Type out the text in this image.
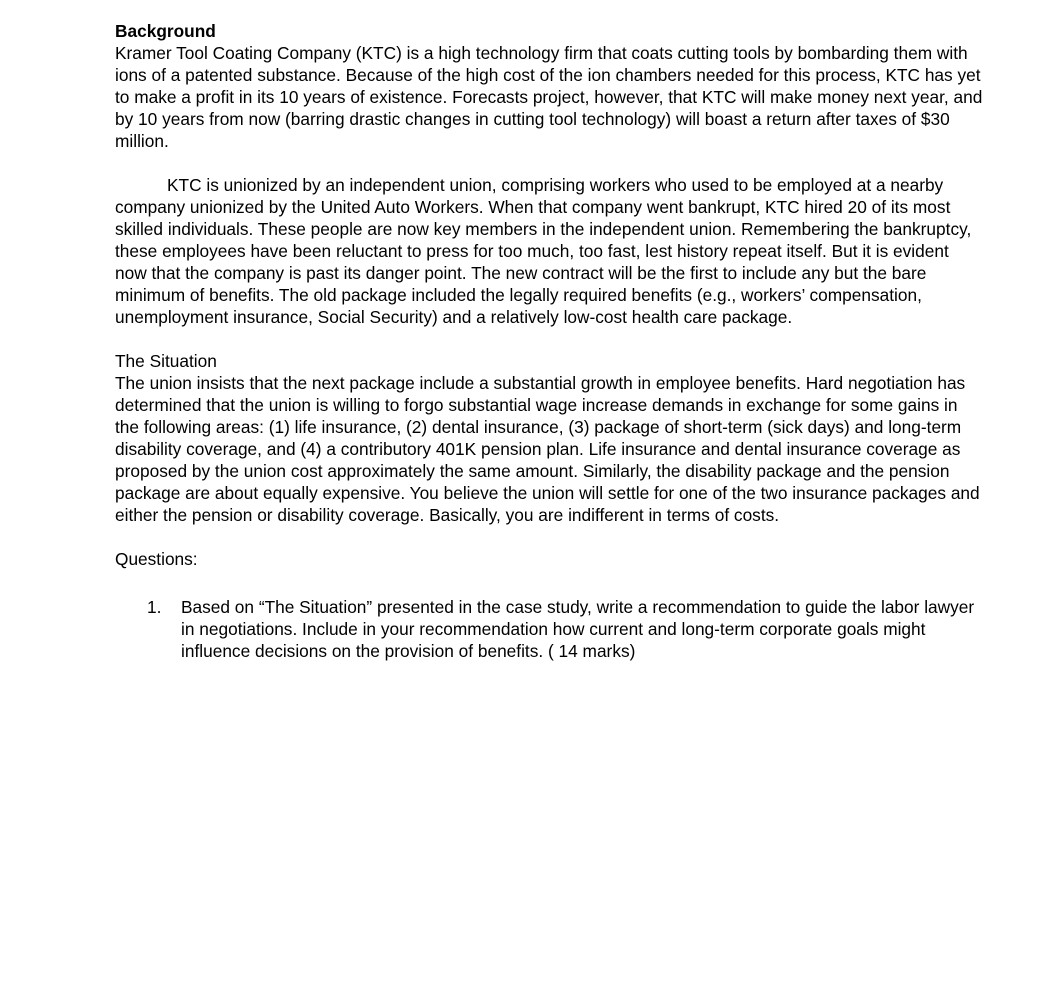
Background

Kramer Tool Coating Company (KTC) is a high technology firm that coats cutting tools by bombarding them with ions of a patented substance. Because of the high cost of the ion chambers needed for this process, KTC has yet to make a profit in its 10 years of existence. Forecasts project, however, that KTC will make money next year, and by 10 years from now (barring drastic changes in cutting tool technology) will boast a return after taxes of $30 million.

KTC is unionized by an independent union, comprising workers who used to be employed at a nearby company unionized by the United Auto Workers. When that company went bankrupt, KTC hired 20 of its most skilled individuals. These people are now key members in the independent union. Remembering the bankruptcy, these employees have been reluctant to press for too much, too fast, lest history repeat itself. But it is evident now that the company is past its danger point. The new contract will be the first to include any but the bare minimum of benefits. The old package included the legally required benefits (e.g., workers’ compensation, unemployment insurance, Social Security) and a relatively low-cost health care package.

The Situation

The union insists that the next package include a substantial growth in employee benefits. Hard negotiation has determined that the union is willing to forgo substantial wage increase demands in exchange for some gains in the following areas: (1) life insurance, (2) dental insurance, (3) package of short-term (sick days) and long-term disability coverage, and (4) a contributory 401K pension plan. Life insurance and dental insurance coverage as proposed by the union cost approximately the same amount. Similarly, the disability package and the pension package are about equally expensive. You believe the union will settle for one of the two insurance packages and either the pension or disability coverage. Basically, you are indifferent in terms of costs.

Questions:

1. Based on “The Situation” presented in the case study, write a recommendation to guide the labor lawyer in negotiations. Include in your recommendation how current and long-term corporate goals might influence decisions on the provision of benefits. ( 14 marks)
